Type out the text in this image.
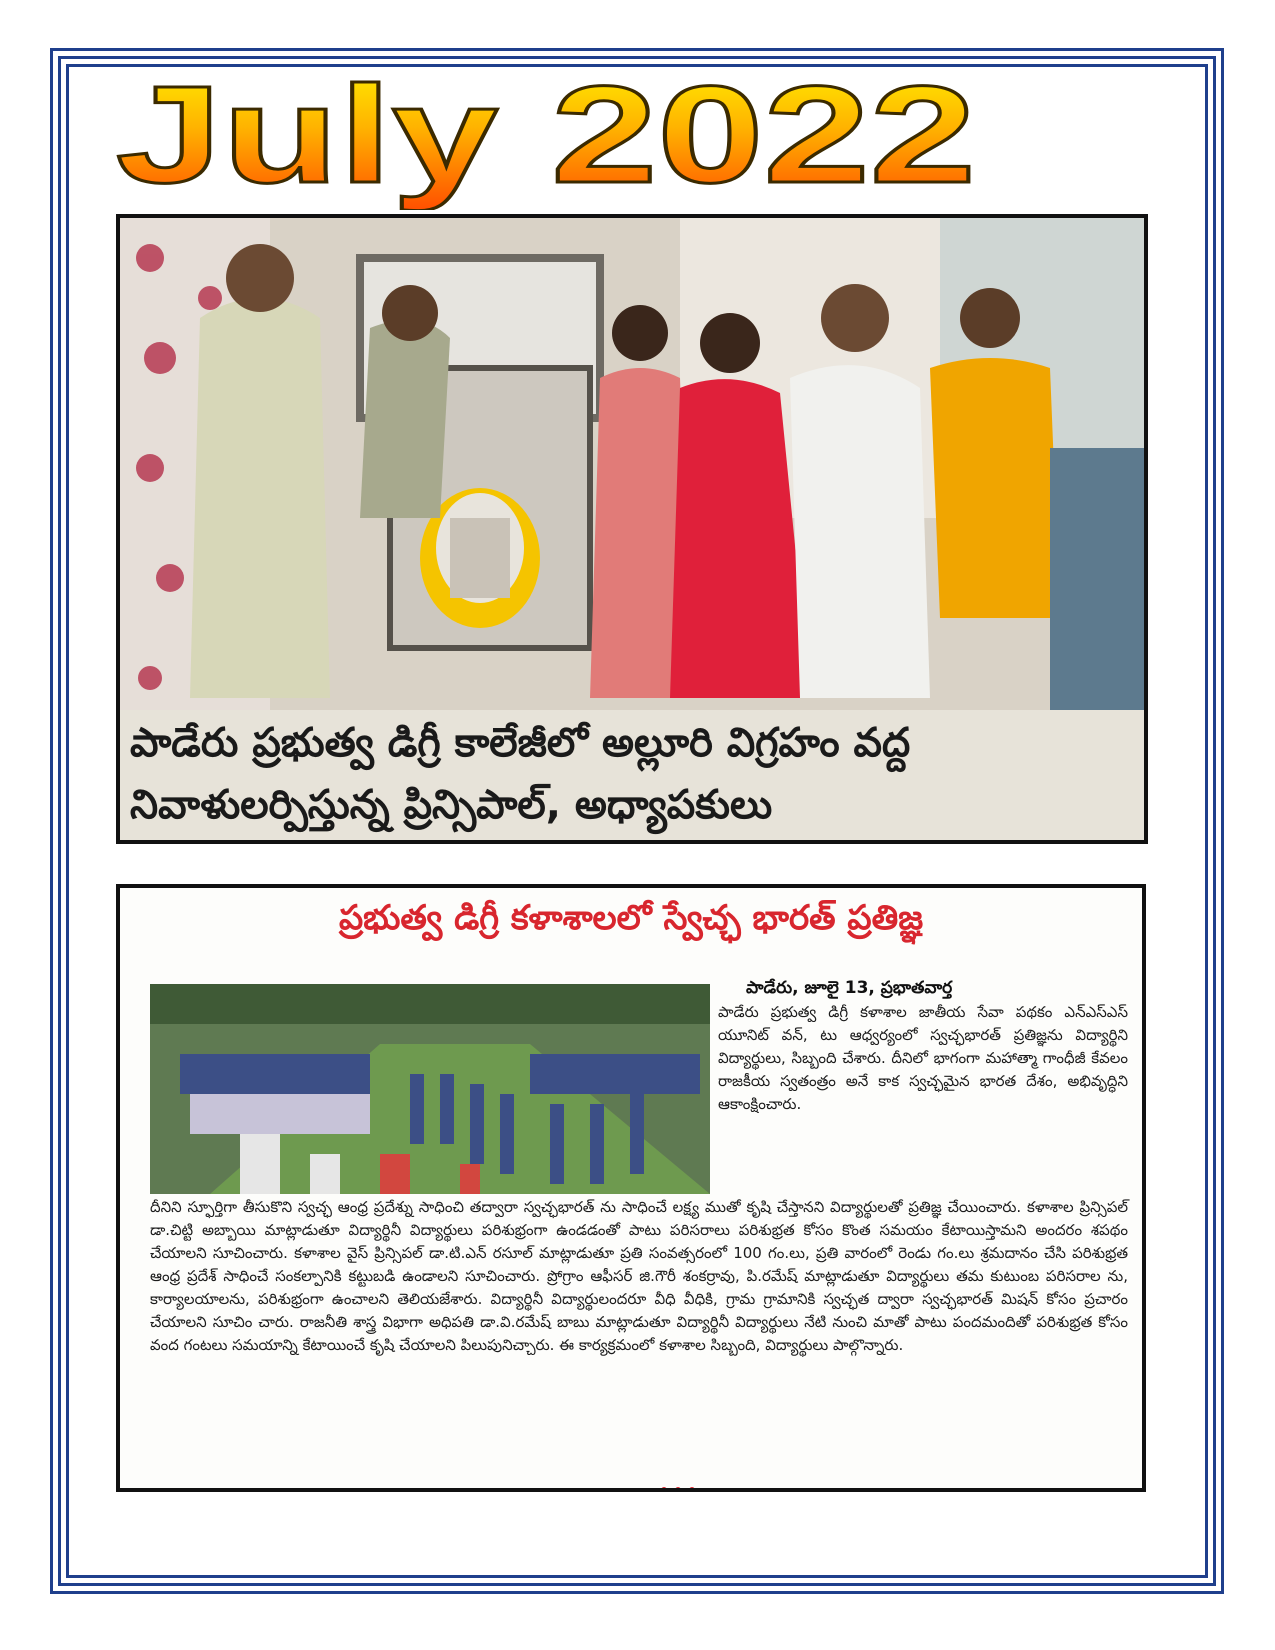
July 2022
పాడేరు ప్రభుత్వ డిగ్రీ కాలేజీలో అల్లూరి విగ్రహం వద్ద
నివాళులర్పిస్తున్న ప్రిన్సిపాల్, అధ్యాపకులు
ప్రభుత్వ డిగ్రీ కళాశాలలో స్వేచ్ఛ భారత్ ప్రతిజ్ఞ
పాడేరు, జూలై 13, ప్రభాతవార్త

పాడేరు ప్రభుత్వ డిగ్రీ కళాశాల జాతీయ సేవా పథకం ఎన్ఎస్ఎస్ యూనిట్ వన్, టు ఆధ్వర్యంలో స్వచ్ఛభారత్ ప్రతిజ్ఞను విద్యార్థిని విద్యార్థులు, సిబ్బంది చేశారు. దీనిలో భాగంగా మహాత్మా గాంధీజీ కేవలం రాజకీయ స్వతంత్రం అనే కాక స్వచ్ఛమైన భారత దేశం, అభివృద్ధిని ఆకాంక్షించారు.

దీనిని స్ఫూర్తిగా తీసుకొని స్వచ్ఛ ఆంధ్ర ప్రదేశ్ను సాధించి తద్వారా స్వచ్ఛభారత్ ను సాధించే లక్ష్య ముతో కృషి చేస్తానని విద్యార్థులతో ప్రతిజ్ఞ చేయించారు. కళాశాల ప్రిన్సిపల్ డా.చిట్టి అబ్బాయి మాట్లాడుతూ విద్యార్థినీ విద్యార్థులు పరిశుభ్రంగా ఉండడంతో పాటు పరిసరాలు పరిశుభ్రత కోసం కొంత సమయం కేటాయిస్తామని అందరం శపథం చేయాలని సూచించారు. కళాశాల వైస్ ప్రిన్సిపల్ డా.టి.ఎన్ రసూల్ మాట్లాడుతూ ప్రతి సంవత్సరంలో 100 గం.లు, ప్రతి వారంలో రెండు గం.లు శ్రమదానం చేసి పరిశుభ్రత ఆంధ్ర ప్రదేశ్ సాధించే సంకల్పానికి కట్టుబడి ఉండాలని సూచించారు. ప్రోగ్రాం ఆఫీసర్ జి.గౌరీ శంకర్రావు, పి.రమేష్ మాట్లాడుతూ విద్యార్థులు తమ కుటుంబ పరిసరాల ను, కార్యాలయాలను, పరిశుభ్రంగా ఉంచాలని తెలియజేశారు. విద్యార్థినీ విద్యార్థులందరూ వీధి వీధికి, గ్రామ గ్రామానికి స్వచ్ఛత ద్వారా స్వచ్ఛభారత్ మిషన్ కోసం ప్రచారం చేయాలని సూచిం చారు. రాజనీతి శాస్త్ర విభాగా అధిపతి డా.వి.రమేష్ బాబు మాట్లాడుతూ విద్యార్థినీ విద్యార్థులు నేటి నుంచి మాతో పాటు పందమందితో పరిశుభ్రత కోసం వంద గంటలు సమయాన్ని కేటాయించే కృషి చేయాలని పిలుపునిచ్చారు. ఈ కార్యక్రమంలో కళాశాల సిబ్బంది, విద్యార్థులు పాల్గొన్నారు.
